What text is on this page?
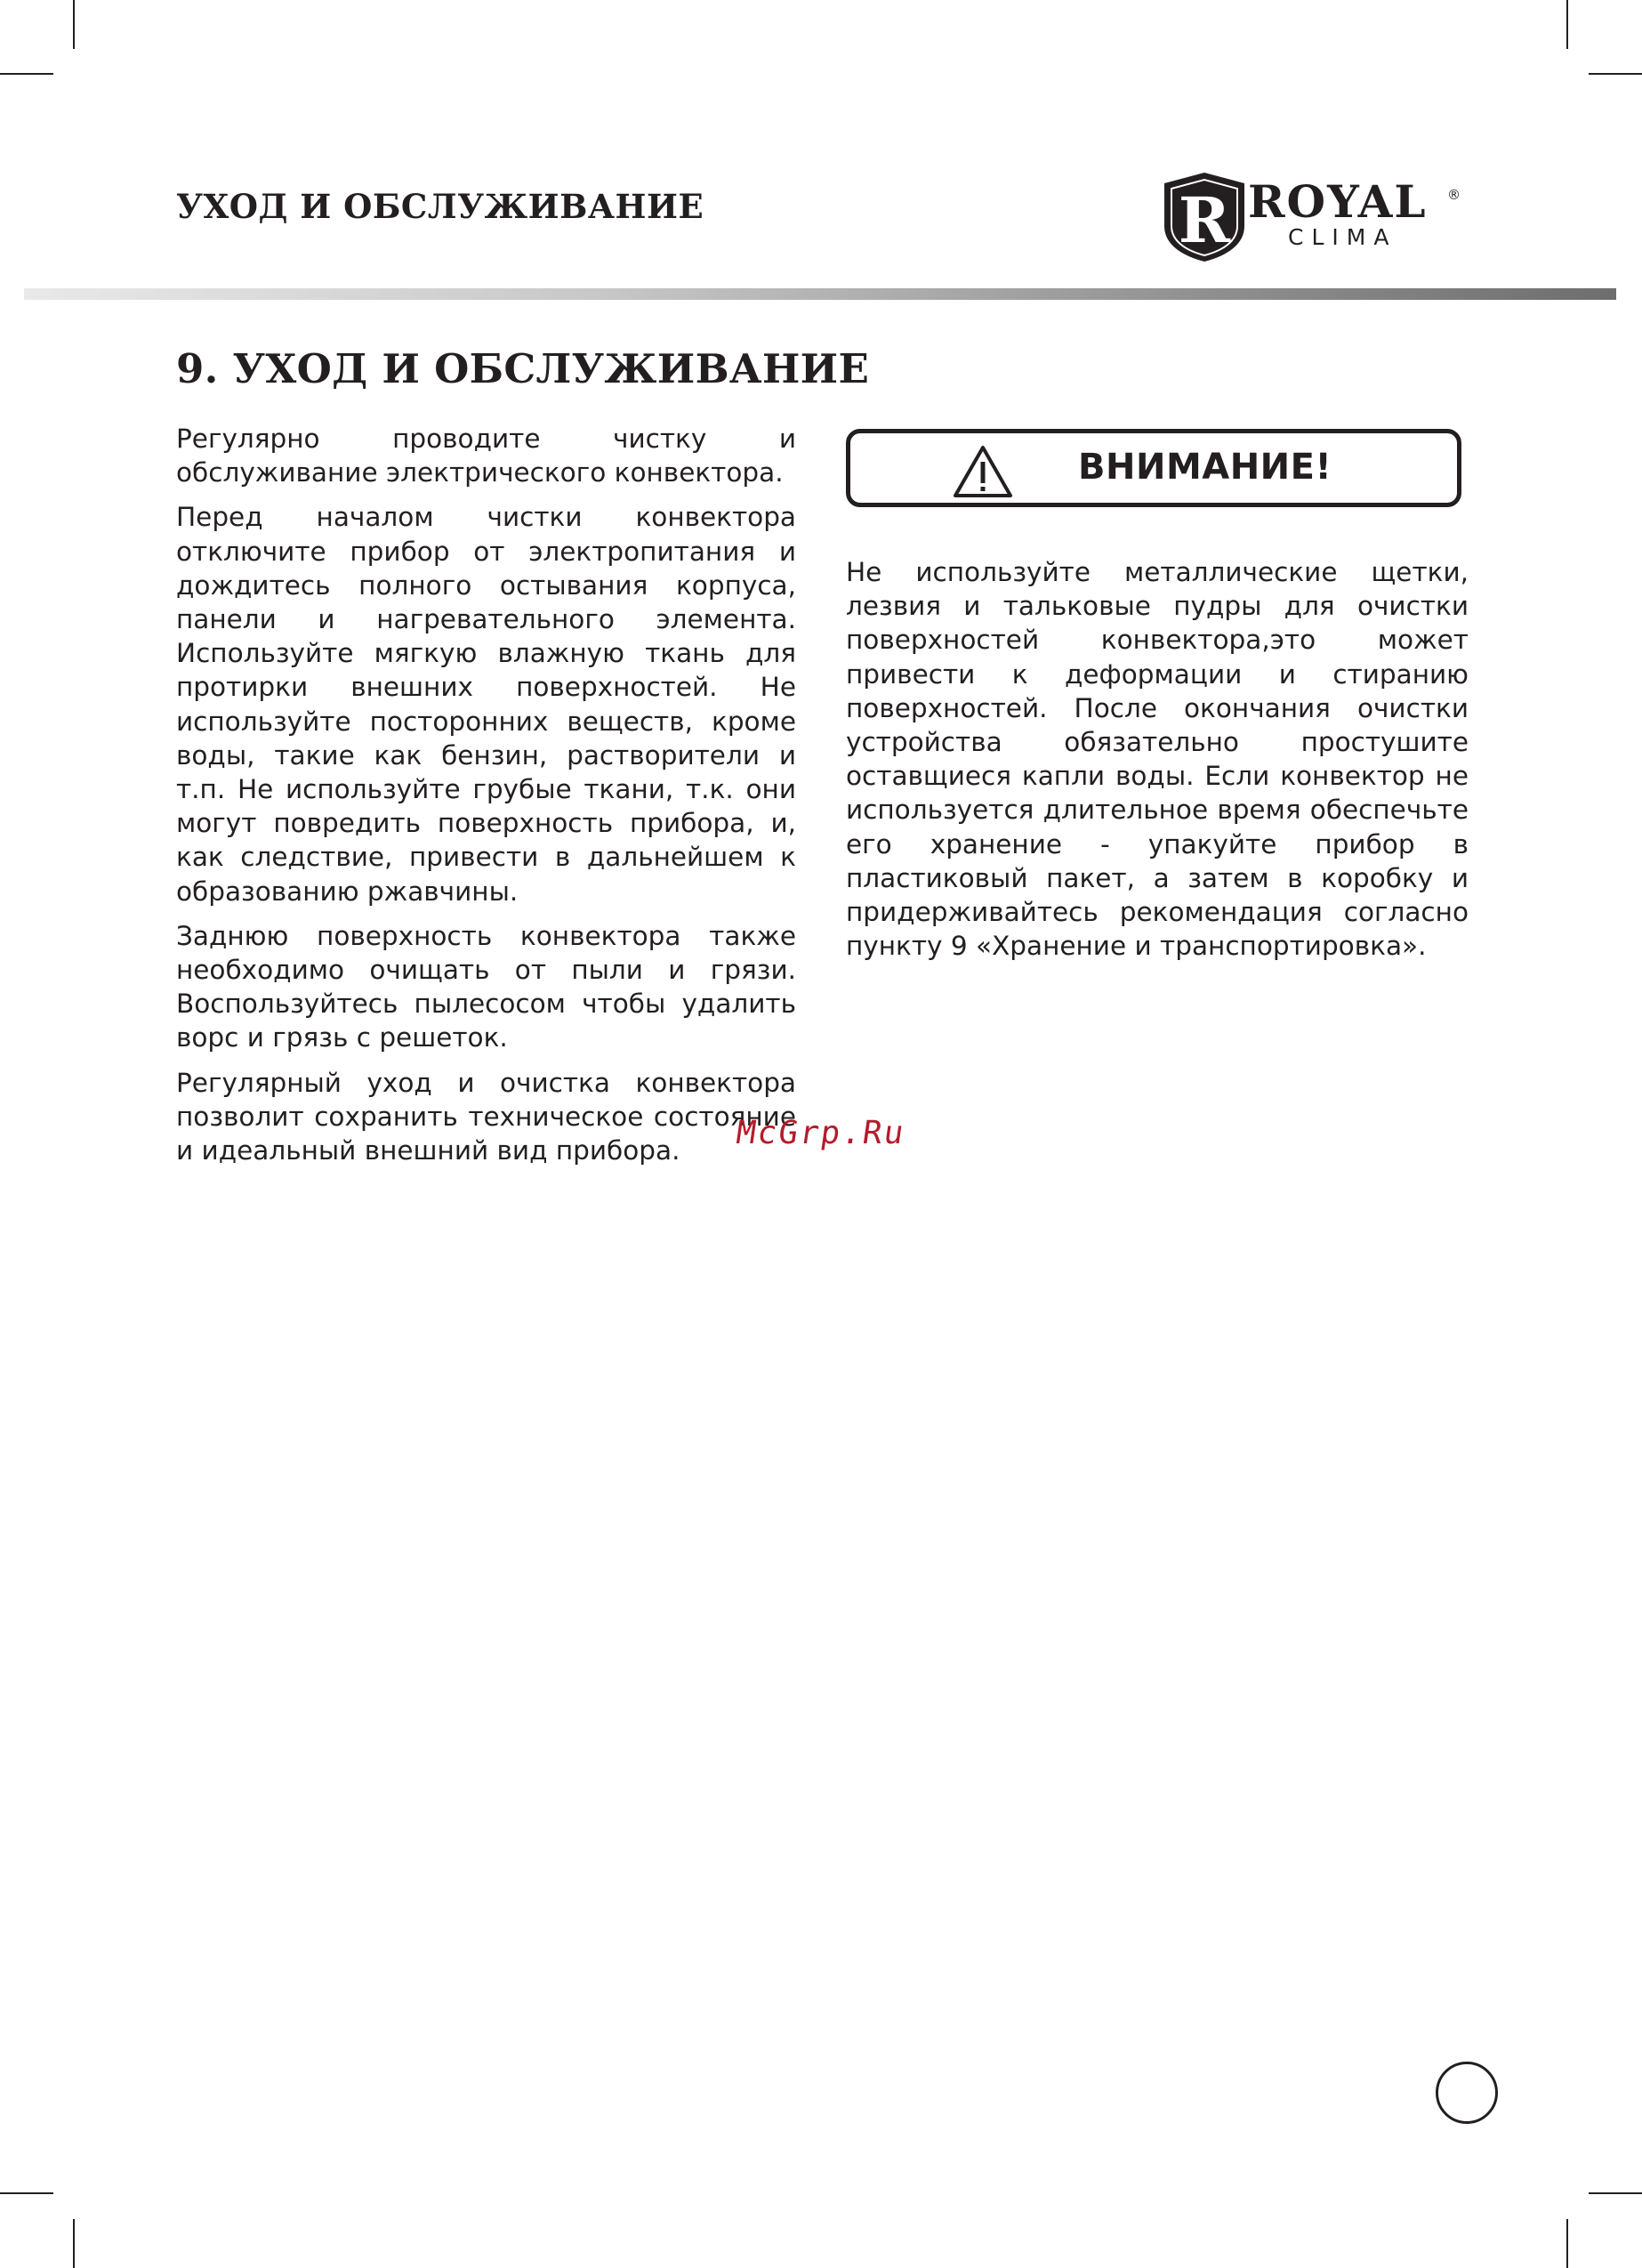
УХОД И ОБСЛУЖИВАНИЕ	R ROYAL ®
CLIMA
9. УХОД И ОБСЛУЖИВАНИЕ

Регулярно проводите чистку и обслуживание электрического конвектора.

Перед началом чистки конвектора отключите прибор от электропитания и дождитесь полного остывания корпуса, панели и нагревательного элемента. Используйте мягкую влажную ткань для протирки внешних поверхностей. Не используйте посторонних веществ, кроме воды, такие как бензин, растворители и т.п. Не используйте грубые ткани, т.к. они могут повредить поверхность прибора, и, как следствие, привести в дальнейшем к образованию ржавчины.

Заднюю поверхность конвектора также необходимо очищать от пыли и грязи. Воспользуйтесь пылесосом чтобы удалить ворс и грязь с решеток.

Регулярный уход и очистка конвектора позволит сохранить техническое состояние и идеальный внешний вид прибора.

ВНИМАНИЕ!

Не используйте металлические щетки, лезвия и тальковые пудры для очистки поверхностей конвектора,это может привести к деформации и стиранию поверхностей. После окончания очистки устройства обязательно простушите оставщиеся капли воды. Если конвектор не используется длительное время обеспечьте его хранение - упакуйте прибор в пластиковый пакет, а затем в коробку и придерживайтесь рекомендация согласно пункту 9 «Хранение и транспортировка».

McGrp.Ru
